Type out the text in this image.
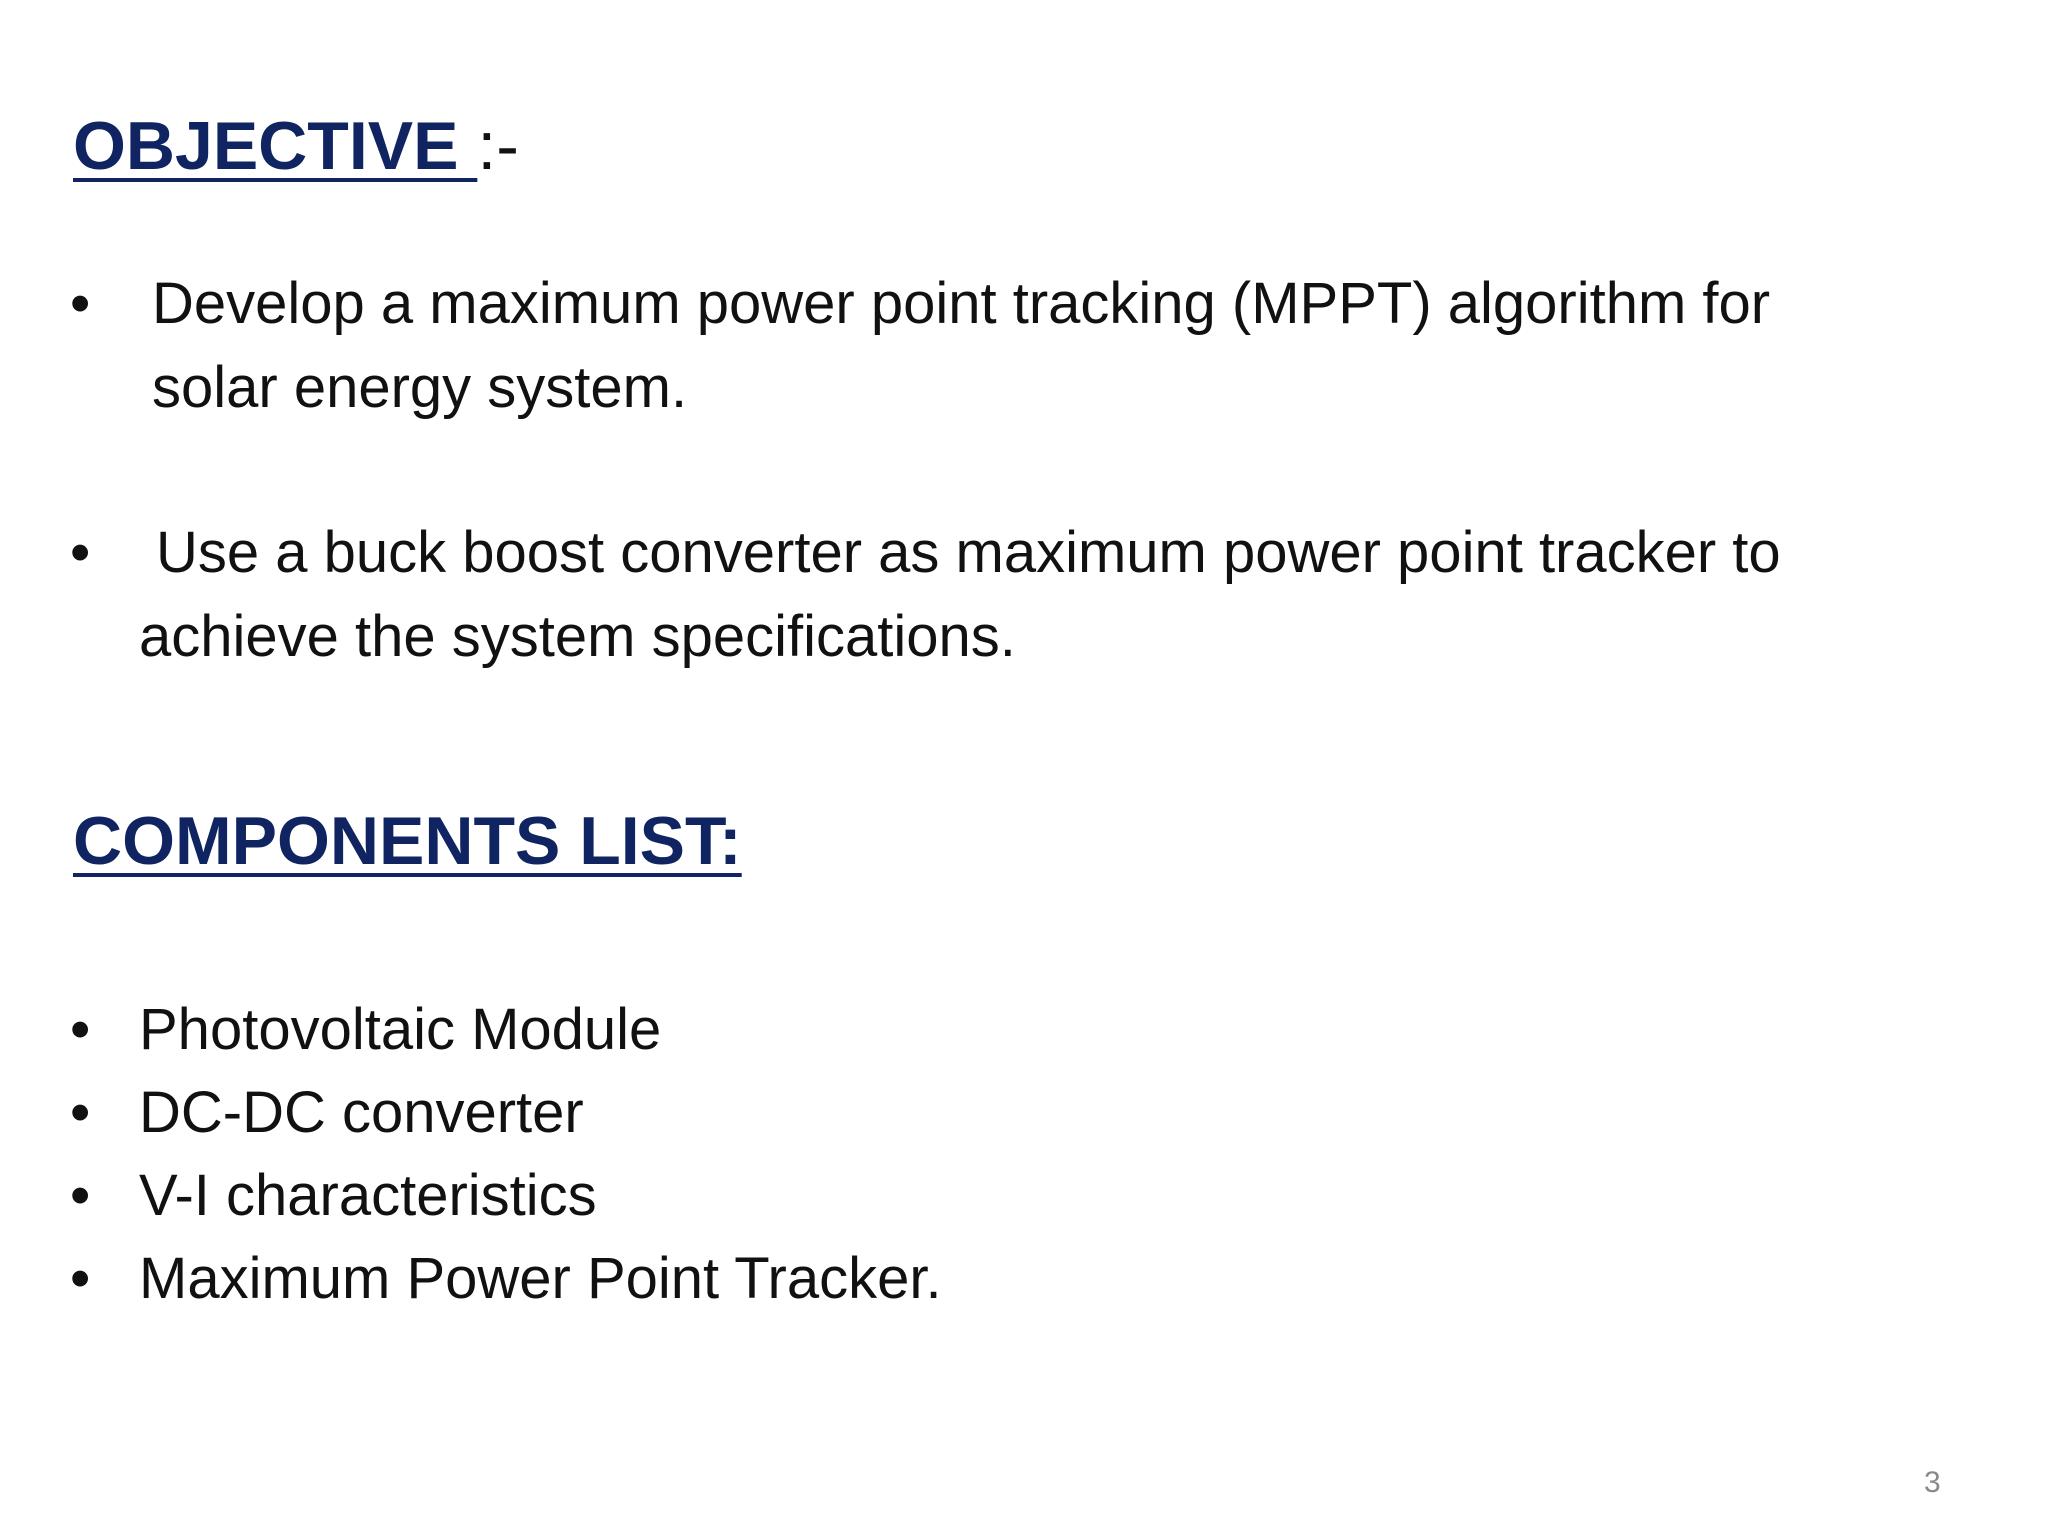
OBJECTIVE :-
• Develop a maximum power point tracking (MPPT) algorithm for
solar energy system.
• Use a buck boost converter as maximum power point tracker to
achieve the system specifications.
COMPONENTS LIST:
• Photovoltaic Module
• DC-DC converter
• V-I characteristics
• Maximum Power Point Tracker.
3
